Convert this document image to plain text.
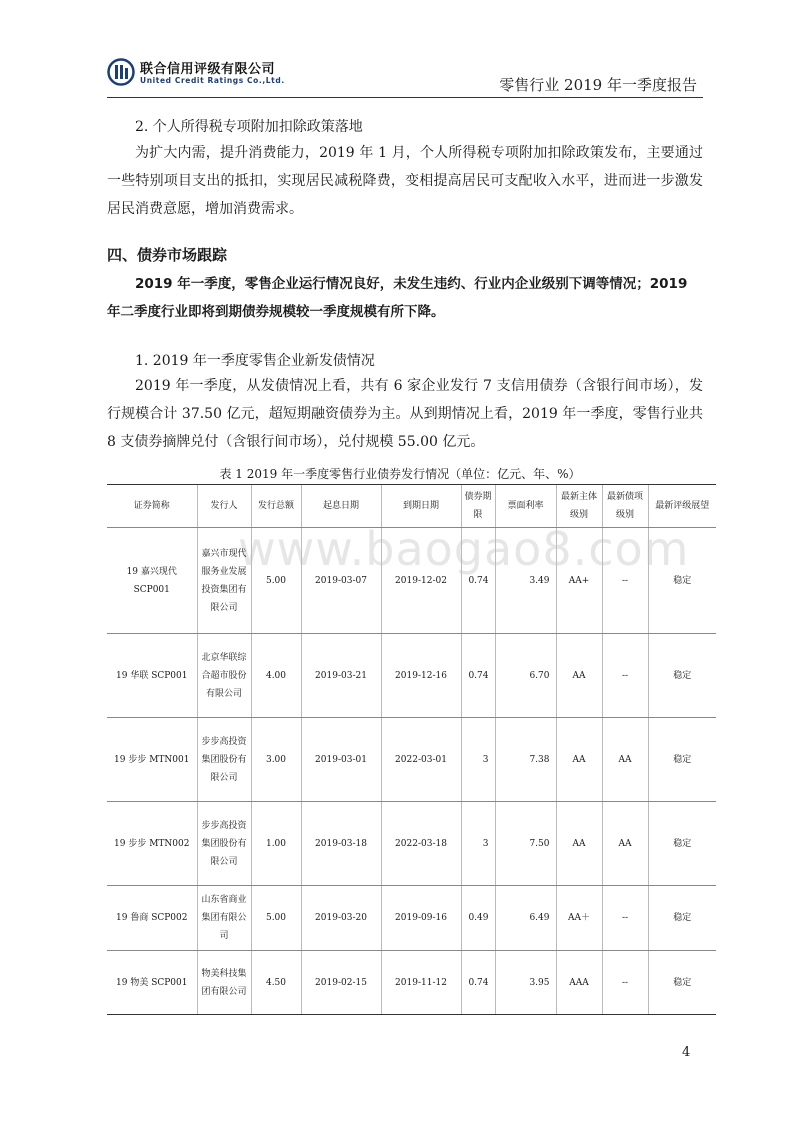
联合信用评级有限公司
United Credit Ratings Co.,Ltd.	零售行业 2019 年一季度报告
www.baogao8.com
2. 个人所得税专项附加扣除政策落地
为扩大内需，提升消费能力，2019 年 1 月，个人所得税专项附加扣除政策发布，主要通过一些特别项目支出的抵扣，实现居民减税降费，变相提高居民可支配收入水平，进而进一步激发居民消费意愿，增加消费需求。
四、债券市场跟踪
2019 年一季度，零售企业运行情况良好，未发生违约、行业内企业级别下调等情况；2019 年二季度行业即将到期债券规模较一季度规模有所下降。
1. 2019 年一季度零售企业新发债情况
2019 年一季度，从发债情况上看，共有 6 家企业发行 7 支信用债券（含银行间市场），发行规模合计 37.50 亿元，超短期融资债券为主。从到期情况上看，2019 年一季度，零售行业共 8 支债券摘牌兑付（含银行间市场），兑付规模 55.00 亿元。
表 1 2019 年一季度零售行业债券发行情况（单位：亿元、年、%）
证券简称	发行人	发行总额	起息日期	到期日期	债券期限	票面利率	最新主体级别	最新债项级别	最新评级展望
19 嘉兴现代 SCP001	嘉兴市现代服务业发展投资集团有限公司	5.00	2019-03-07	2019-12-02	0.74	3.49	AA+	--	稳定
19 华联 SCP001	北京华联综合超市股份有限公司	4.00	2019-03-21	2019-12-16	0.74	6.70	AA	--	稳定
19 步步 MTN001	步步高投资集团股份有限公司	3.00	2019-03-01	2022-03-01	3	7.38	AA	AA	稳定
19 步步 MTN002	步步高投资集团股份有限公司	1.00	2019-03-18	2022-03-18	3	7.50	AA	AA	稳定
19 鲁商 SCP002	山东省商业集团有限公司	5.00	2019-03-20	2019-09-16	0.49	6.49	AA＋	--	稳定
19 物美 SCP001	物美科技集团有限公司	4.50	2019-02-15	2019-11-12	0.74	3.95	AAA	--	稳定
4
